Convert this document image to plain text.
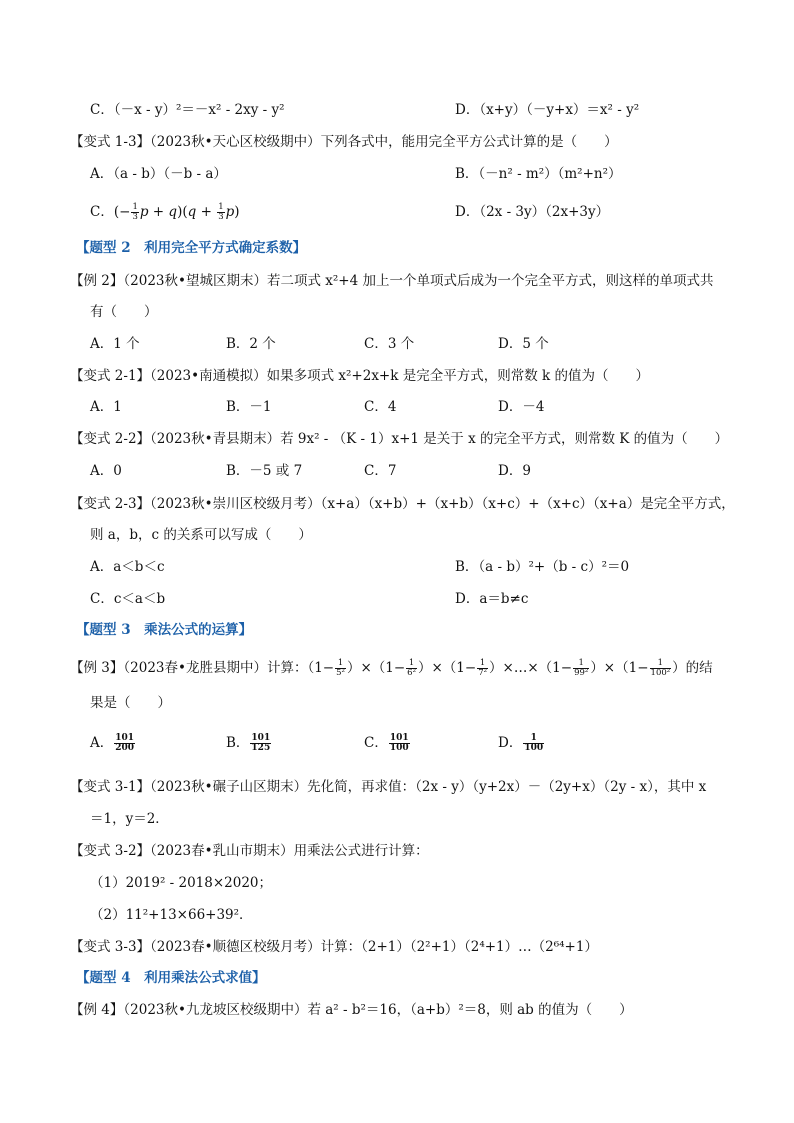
C．（－x - y）²＝－x² - 2xy - y²	D．（x+y）（－y+x）＝x² - y²
【变式 1-3】（2023秋•天心区校级期中）下列各式中，能用完全平方公式计算的是（　　）
A．（a - b）（－b - a）	B．（－n² - m²）（m²+n²）
C．(− $\frac{1}{3}$ $p + q)(q + \frac{1}{3} p)$	D．（2x - 3y）（2x+3y）
【题型 2　利用完全平方式确定系数】
【例 2】（2023秋•望城区期末）若二项式 x²+4 加上一个单项式后成为一个完全平方式，则这样的单项式共
有（　　）
A．1 个	B．2 个	C．3 个	D．5 个
【变式 2-1】（2023•南通模拟）如果多项式 x²+2x+k 是完全平方式，则常数 k 的值为（　　）
A．1	B．－1	C．4	D．－4
【变式 2-2】（2023秋•青县期末）若 9x² - （K - 1）x+1 是关于 x 的完全平方式，则常数 K 的值为（　　）
A．0	B．－5 或 7	C．7	D．9
【变式 2-3】（2023秋•崇川区校级月考）（x+a）（x+b）+（x+b）（x+c）+（x+c）（x+a）是完全平方式，
则 a，b，c 的关系可以写成（　　）
A．a＜b＜c	B．（a - b）²+（b - c）²＝0
C．c＜a＜b	D．a＝b≠c
【题型 3　乘法公式的运算】
【例 3】（2023春•龙胜县期中）计算：$(1- \frac{1}{\text{5²}} )\times(1- \frac{1}{\text{6²}} )\times(1- \frac{1}{\text{7²}}$ ）×…×（1− $\frac{1}{\text{99²}} )\times(1- \frac{1}{\text{100²}}$ ）的结
果是（　　）
A． $\frac{101}{200}$	B． $\frac{101}{125}$	C． $\frac{101}{100}$	D． $\frac{1}{100}$
【变式 3-1】（2023秋•碾子山区期末）先化简，再求值：（2x - y）（y+2x）－（2y+x）（2y - x），其中 x
＝1，y＝2．
【变式 3-2】（2023春•乳山市期末）用乘法公式进行计算：
（1）2019² - 2018×2020；
（2）11²+13×66+39²．
【变式 3-3】（2023春•顺德区校级月考）计算：（2+1）（2²+1）（2⁴+1）…（2⁶⁴+1）
【题型 4　利用乘法公式求值】
【例 4】（2023秋•九龙坡区校级期中）若 a² - b²＝16，（a+b）²＝8，则 ab 的值为（　　）
